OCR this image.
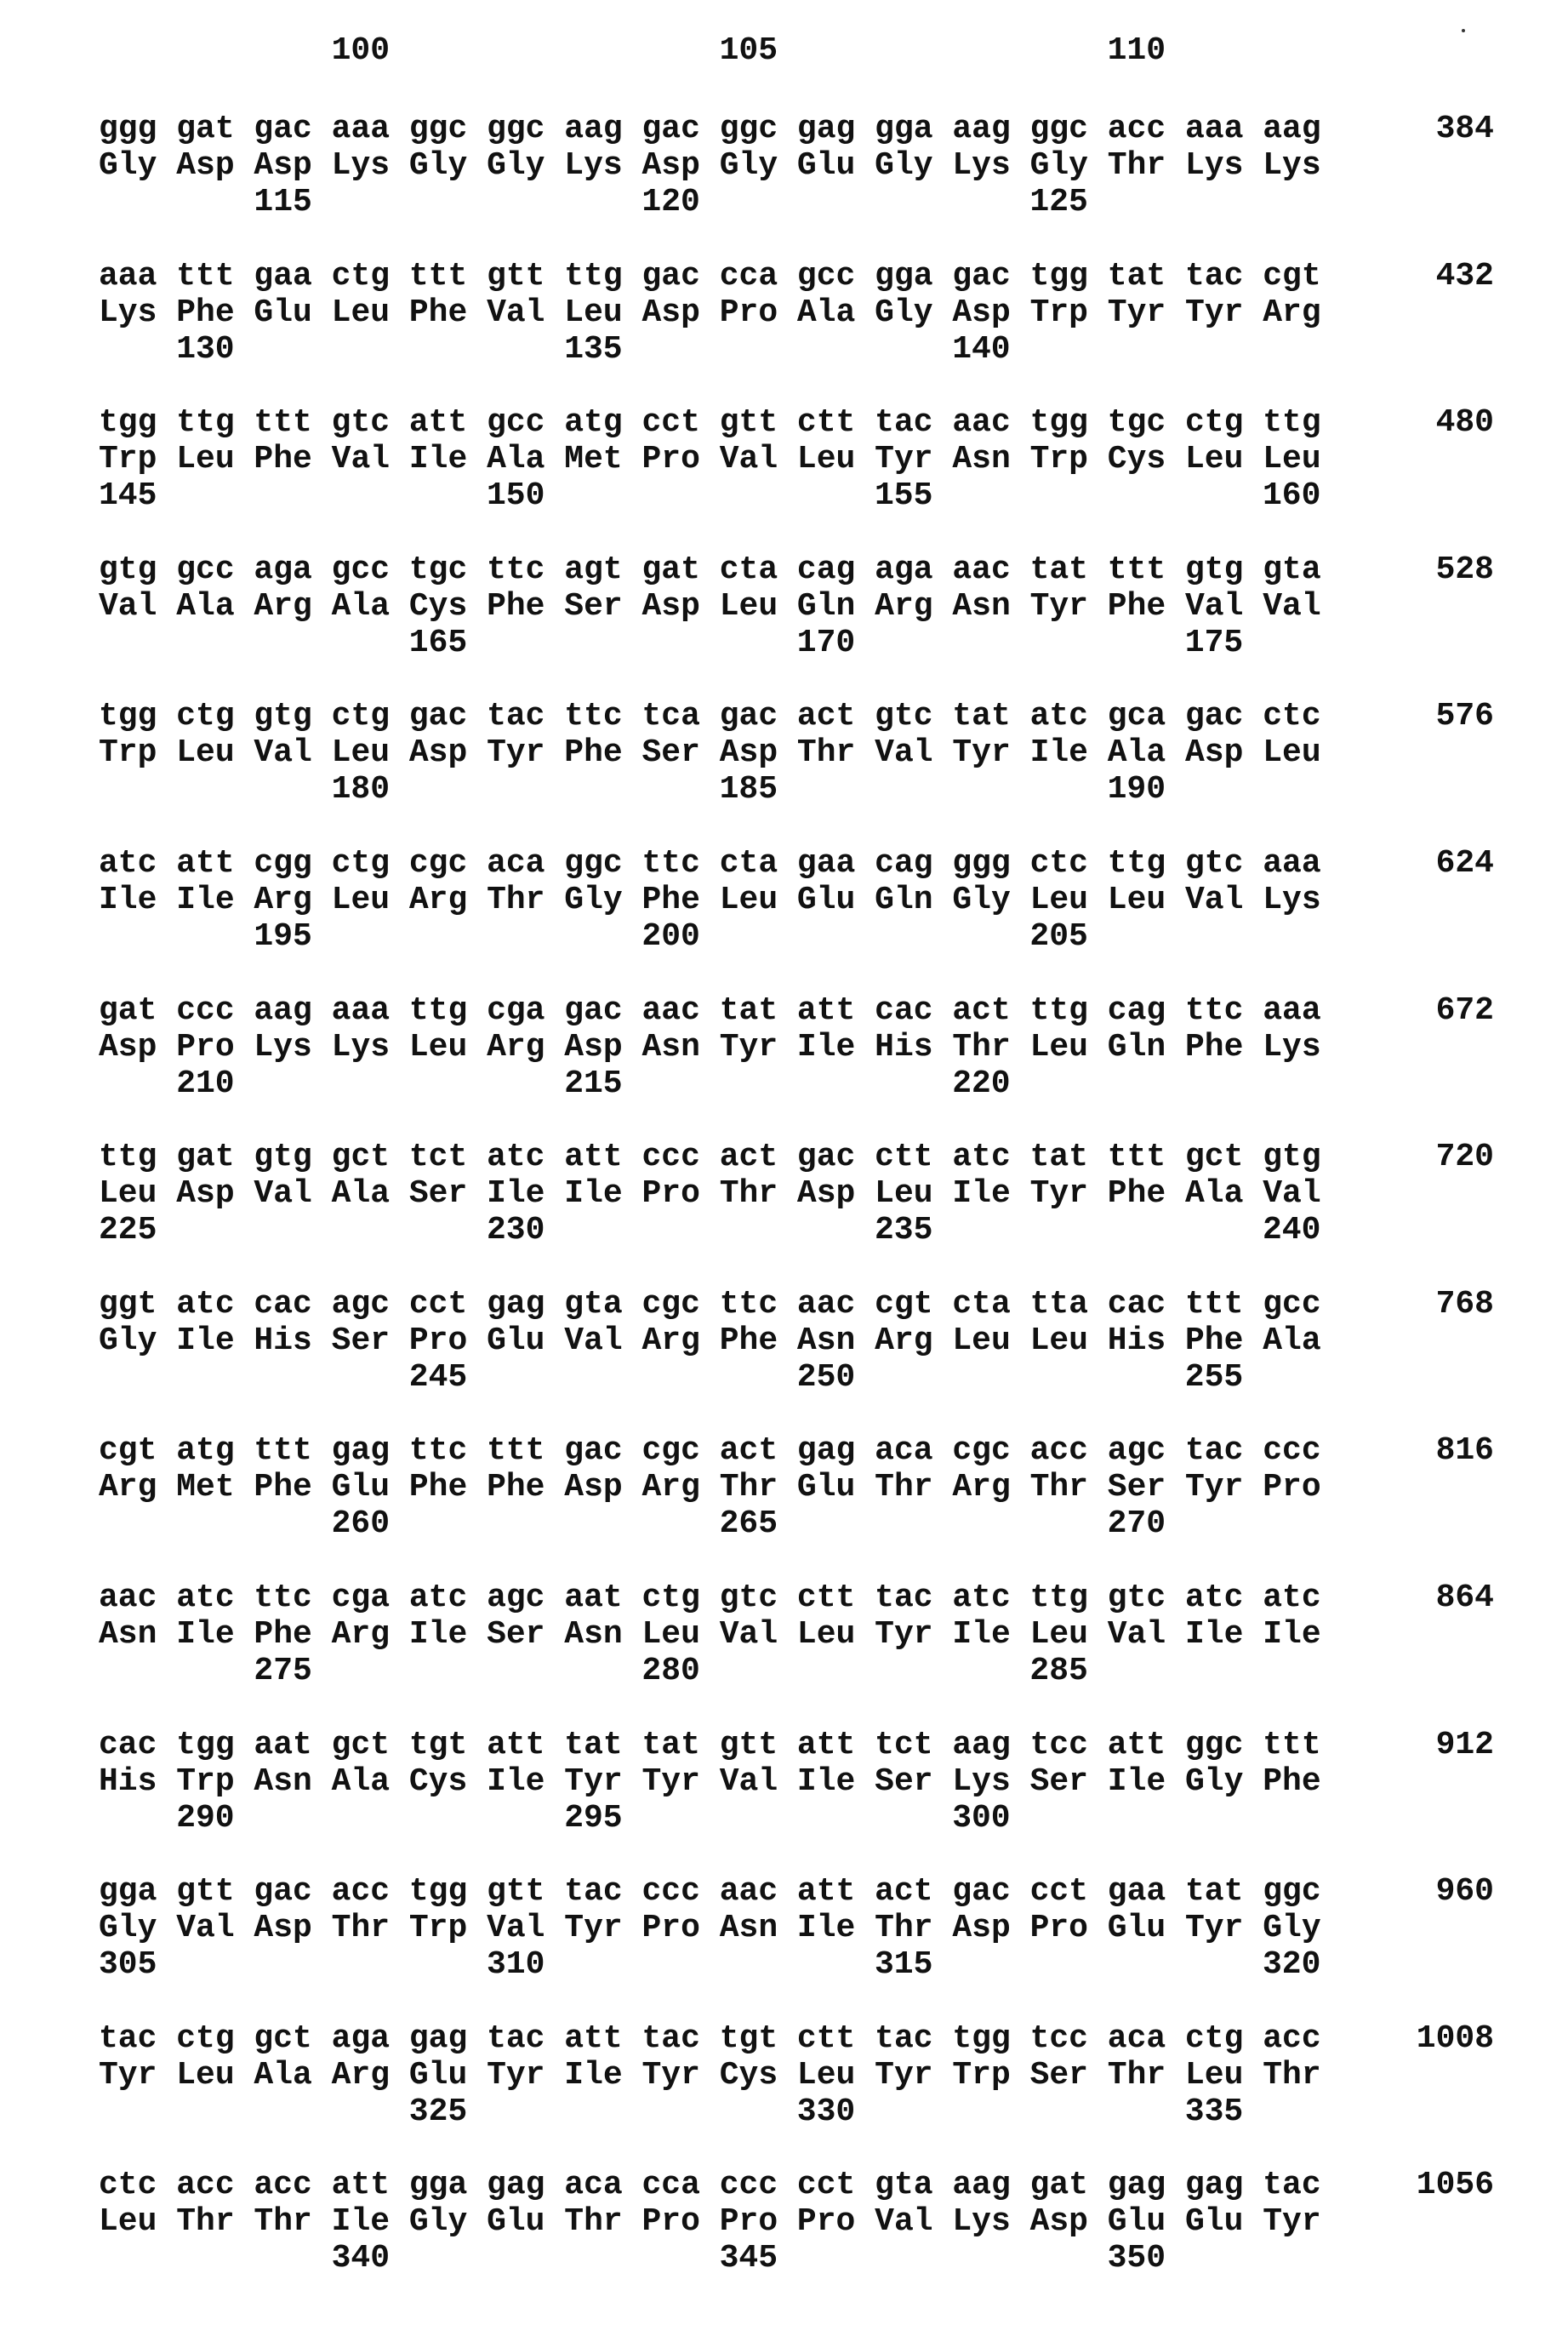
100	105	110
ggg gat gac aaa ggc ggc aag gac ggc gag gga aag ggc acc aaa aag
Gly Asp Asp Lys Gly Gly Lys Asp Gly Glu Gly Lys Gly Thr Lys Lys
115	120	125
384
aaa ttt gaa ctg ttt gtt ttg gac cca gcc gga gac tgg tat tac cgt
Lys Phe Glu Leu Phe Val Leu Asp Pro Ala Gly Asp Trp Tyr Tyr Arg
130	135	140
432
tgg ttg ttt gtc att gcc atg cct gtt ctt tac aac tgg tgc ctg ttg
Trp Leu Phe Val Ile Ala Met Pro Val Leu Tyr Asn Trp Cys Leu Leu
145	150	155	160
480
gtg gcc aga gcc tgc ttc agt gat cta cag aga aac tat ttt gtg gta
Val Ala Arg Ala Cys Phe Ser Asp Leu Gln Arg Asn Tyr Phe Val Val
165	170	175
528
tgg ctg gtg ctg gac tac ttc tca gac act gtc tat atc gca gac ctc
Trp Leu Val Leu Asp Tyr Phe Ser Asp Thr Val Tyr Ile Ala Asp Leu
180	185	190
576
atc att cgg ctg cgc aca ggc ttc cta gaa cag ggg ctc ttg gtc aaa
Ile Ile Arg Leu Arg Thr Gly Phe Leu Glu Gln Gly Leu Leu Val Lys
195	200	205
624
gat ccc aag aaa ttg cga gac aac tat att cac act ttg cag ttc aaa
Asp Pro Lys Lys Leu Arg Asp Asn Tyr Ile His Thr Leu Gln Phe Lys
210	215	220
672
ttg gat gtg gct tct atc att ccc act gac ctt atc tat ttt gct gtg
Leu Asp Val Ala Ser Ile Ile Pro Thr Asp Leu Ile Tyr Phe Ala Val
225	230	235	240
720
ggt atc cac agc cct gag gta cgc ttc aac cgt cta tta cac ttt gcc
Gly Ile His Ser Pro Glu Val Arg Phe Asn Arg Leu Leu His Phe Ala
245	250	255
768
cgt atg ttt gag ttc ttt gac cgc act gag aca cgc acc agc tac ccc
Arg Met Phe Glu Phe Phe Asp Arg Thr Glu Thr Arg Thr Ser Tyr Pro
260	265	270
816
aac atc ttc cga atc agc aat ctg gtc ctt tac atc ttg gtc atc atc
Asn Ile Phe Arg Ile Ser Asn Leu Val Leu Tyr Ile Leu Val Ile Ile
275	280	285
864
cac tgg aat gct tgt att tat tat gtt att tct aag tcc att ggc ttt
His Trp Asn Ala Cys Ile Tyr Tyr Val Ile Ser Lys Ser Ile Gly Phe
290	295	300
912
gga gtt gac acc tgg gtt tac ccc aac att act gac cct gaa tat ggc
Gly Val Asp Thr Trp Val Tyr Pro Asn Ile Thr Asp Pro Glu Tyr Gly
305	310	315	320
960
tac ctg gct aga gag tac att tac tgt ctt tac tgg tcc aca ctg acc
Tyr Leu Ala Arg Glu Tyr Ile Tyr Cys Leu Tyr Trp Ser Thr Leu Thr
325	330	335
1008
ctc acc acc att gga gag aca cca ccc cct gta aag gat gag gag tac
Leu Thr Thr Ile Gly Glu Thr Pro Pro Pro Val Lys Asp Glu Glu Tyr
340	345	350
1056
